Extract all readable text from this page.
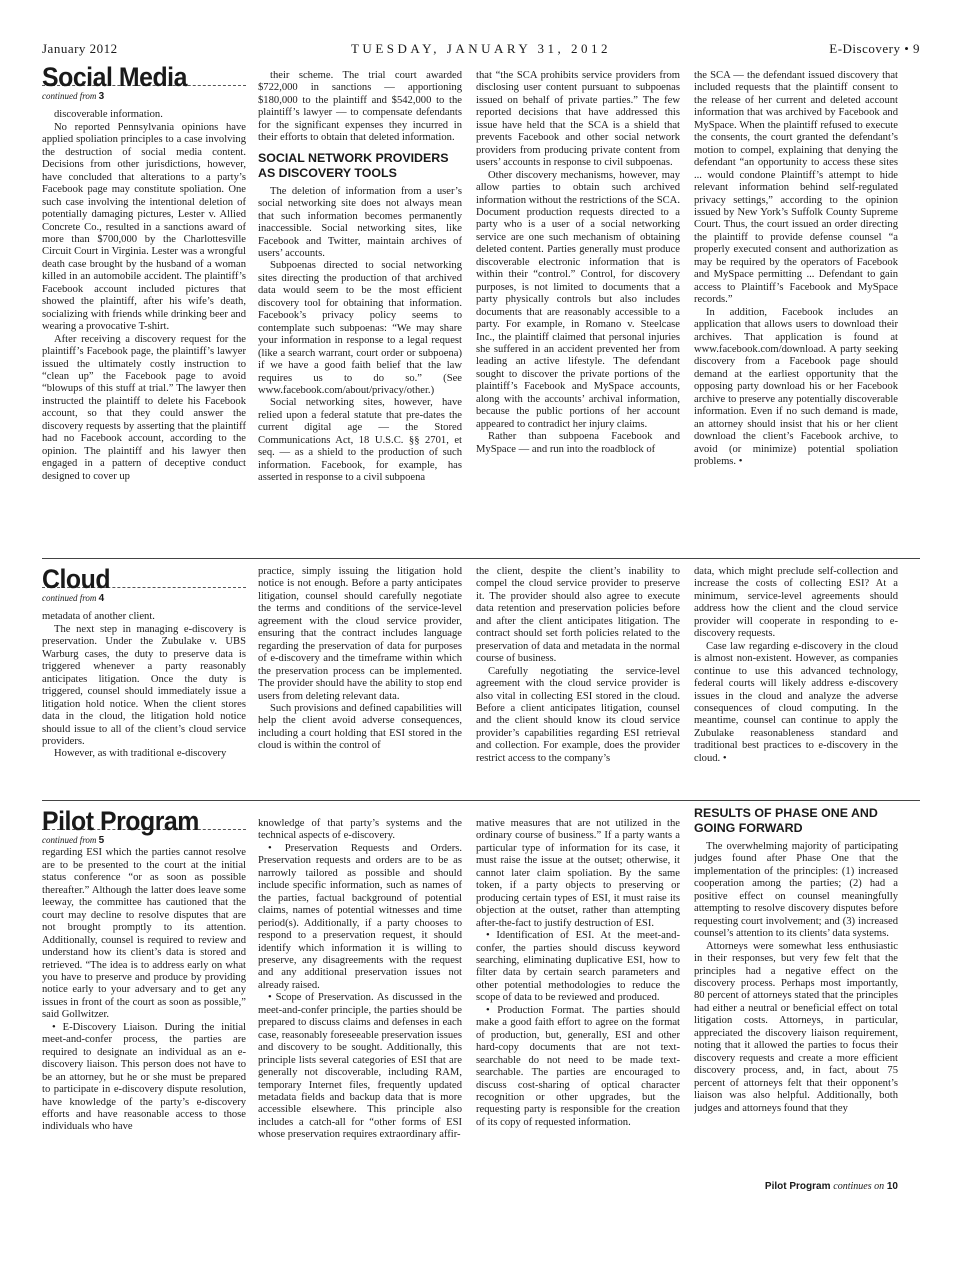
January 2012	TUESDAY, JANUARY 31, 2012	E-Discovery • 9
Social Media
continued from 3

discoverable information.

No reported Pennsylvania opinions have applied spoliation principles to a case involving the destruction of social media content. Decisions from other jurisdictions, however, have concluded that alterations to a party’s Facebook page may constitute spoliation. One such case involving the intentional deletion of potentially damaging pictures, Lester v. Allied Concrete Co., resulted in a sanctions award of more than $700,000 by the Charlottesville Circuit Court in Virginia. Lester was a wrongful death case brought by the husband of a woman killed in an automobile accident. The plaintiff’s Facebook account included pictures that showed the plaintiff, after his wife’s death, socializing with friends while drinking beer and wearing a provocative T-shirt.

After receiving a discovery request for the plaintiff’s Facebook page, the plaintiff’s lawyer issued the ultimately costly instruction to “clean up” the Facebook page to avoid “blowups of this stuff at trial.” The lawyer then instructed the plaintiff to delete his Facebook account, so that they could answer the discovery requests by asserting that the plaintiff had no Facebook account, according to the opinion. The plaintiff and his lawyer then engaged in a pattern of deceptive conduct designed to cover up

their scheme. The trial court awarded $722,000 in sanctions — apportioning $180,000 to the plaintiff and $542,000 to the plaintiff’s lawyer — to compensate defendants for the significant expenses they incurred in their efforts to obtain that deleted information.

SOCIAL NETWORK PROVIDERS AS DISCOVERY TOOLS

The deletion of information from a user’s social networking site does not always mean that such information becomes permanently inaccessible. Social networking sites, like Facebook and Twitter, maintain archives of users’ accounts.

Subpoenas directed to social networking sites directing the production of that archived data would seem to be the most efficient discovery tool for obtaining that information. Facebook’s privacy policy seems to contemplate such subpoenas: “We may share your information in response to a legal request (like a search warrant, court order or subpoena) if we have a good faith belief that the law requires us to do so.” (See www.facebook.com/about/privacy/other.)

Social networking sites, however, have relied upon a federal statute that pre-dates the current digital age — the Stored Communications Act, 18 U.S.C. §§ 2701, et seq. — as a shield to the production of such information. Facebook, for example, has asserted in response to a civil subpoena

that “the SCA prohibits service providers from disclosing user content pursuant to subpoenas issued on behalf of private parties.” The few reported decisions that have addressed this issue have held that the SCA is a shield that prevents Facebook and other social network providers from producing private content from users’ accounts in response to civil subpoenas.

Other discovery mechanisms, however, may allow parties to obtain such archived information without the restrictions of the SCA. Document production requests directed to a party who is a user of a social networking service are one such mechanism of obtaining deleted content. Parties generally must produce discoverable electronic information that is within their “control.” Control, for discovery purposes, is not limited to documents that a party physically controls but also includes documents that are reasonably accessible to a party. For example, in Romano v. Steelcase Inc., the plaintiff claimed that personal injuries she suffered in an accident prevented her from leading an active lifestyle. The defendant sought to discover the private portions of the plaintiff’s Facebook and MySpace accounts, along with the accounts’ archival information, because the public portions of her account appeared to contradict her injury claims.

Rather than subpoena Facebook and MySpace — and run into the roadblock of

the SCA — the defendant issued discovery that included requests that the plaintiff consent to the release of her current and deleted account information that was archived by Facebook and MySpace. When the plaintiff refused to execute the consents, the court granted the defendant’s motion to compel, explaining that denying the defendant “an opportunity to access these sites ... would condone Plaintiff’s attempt to hide relevant information behind self-regulated privacy settings,” according to the opinion issued by New York’s Suffolk County Supreme Court. Thus, the court issued an order directing the plaintiff to provide defense counsel “a properly executed consent and authorization as may be required by the operators of Facebook and MySpace permitting ... Defendant to gain access to Plaintiff’s Facebook and MySpace records.”

In addition, Facebook includes an application that allows users to download their archives. That application is found at www.facebook.com/download. A party seeking discovery from a Facebook page should demand at the earliest opportunity that the opposing party download his or her Facebook archive to preserve any potentially discoverable information. Even if no such demand is made, an attorney should insist that his or her client download the client’s Facebook archive, to avoid (or minimize) potential spoliation problems. •

Cloud
continued from 4

metadata of another client.

The next step in managing e-discovery is preservation. Under the Zubulake v. UBS Warburg cases, the duty to preserve data is triggered whenever a party reasonably anticipates litigation. Once the duty is triggered, counsel should immediately issue a litigation hold notice. When the client stores data in the cloud, the litigation hold notice should issue to all of the client’s cloud service providers.

However, as with traditional e-discovery

practice, simply issuing the litigation hold notice is not enough. Before a party anticipates litigation, counsel should carefully negotiate the terms and conditions of the service-level agreement with the cloud service provider, ensuring that the contract includes language regarding the preservation of data for purposes of e-discovery and the timeframe within which the preservation process can be implemented. The provider should have the ability to stop end users from deleting relevant data.

Such provisions and defined capabilities will help the client avoid adverse consequences, including a court holding that ESI stored in the cloud is within the control of

the client, despite the client’s inability to compel the cloud service provider to preserve it. The provider should also agree to execute data retention and preservation policies before and after the client anticipates litigation. The contract should set forth policies related to the preservation of data and metadata in the normal course of business.

Carefully negotiating the service-level agreement with the cloud service provider is also vital in collecting ESI stored in the cloud. Before a client anticipates litigation, counsel and the client should know its cloud service provider’s capabilities regarding ESI retrieval and collection. For example, does the provider restrict access to the company’s

data, which might preclude self-collection and increase the costs of collecting ESI? At a minimum, service-level agreements should address how the client and the cloud service provider will cooperate in responding to e-discovery requests.

Case law regarding e-discovery in the cloud is almost non-existent. However, as companies continue to use this advanced technology, federal courts will likely address e-discovery issues in the cloud and analyze the adverse consequences of cloud computing. In the meantime, counsel can continue to apply the Zubulake reasonableness standard and traditional best practices to e-discovery in the cloud. •

Pilot Program
continued from 5

regarding ESI which the parties cannot resolve are to be presented to the court at the initial status conference “or as soon as possible thereafter.” Although the latter does leave some leeway, the committee has cautioned that the court may decline to resolve disputes that are not brought promptly to its attention. Additionally, counsel is required to review and understand how its client’s data is stored and retrieved. “The idea is to address early on what you have to preserve and produce by providing notice early to your adversary and to get any issues in front of the court as soon as possible,” said Gollwitzer.

• E-Discovery Liaison. During the initial meet-and-confer process, the parties are required to designate an individual as an e-discovery liaison. This person does not have to be an attorney, but he or she must be prepared to participate in e-discovery dispute resolution, have knowledge of the party’s e-discovery efforts and have reasonable access to those individuals who have

knowledge of that party’s systems and the technical aspects of e-discovery.

• Preservation Requests and Orders. Preservation requests and orders are to be as narrowly tailored as possible and should include specific information, such as names of the parties, factual background of potential claims, names of potential witnesses and time period(s). Additionally, if a party chooses to respond to a preservation request, it should identify which information it is willing to preserve, any disagreements with the request and any additional preservation issues not already raised.

• Scope of Preservation. As discussed in the meet-and-confer principle, the parties should be prepared to discuss claims and defenses in each case, reasonably foreseeable preservation issues and discovery to be sought. Additionally, this principle lists several categories of ESI that are generally not discoverable, including RAM, temporary Internet files, frequently updated metadata fields and backup data that is more accessible elsewhere. This principle also includes a catch-all for “other forms of ESI whose preservation requires extraordinary affir-

mative measures that are not utilized in the ordinary course of business.” If a party wants a particular type of information for its case, it must raise the issue at the outset; otherwise, it cannot later claim spoliation. By the same token, if a party objects to preserving or producing certain types of ESI, it must raise its objection at the outset, rather than attempting after-the-fact to justify destruction of ESI.

• Identification of ESI. At the meet-and-confer, the parties should discuss keyword searching, eliminating duplicative ESI, how to filter data by certain search parameters and other potential methodologies to reduce the scope of data to be reviewed and produced.

• Production Format. The parties should make a good faith effort to agree on the format of production, but, generally, ESI and other hard-copy documents that are not text-searchable do not need to be made text-searchable. The parties are encouraged to discuss cost-sharing of optical character recognition or other upgrades, but the requesting party is responsible for the creation of its copy of requested information.

RESULTS OF PHASE ONE AND GOING FORWARD

The overwhelming majority of participating judges found after Phase One that the implementation of the principles: (1) increased cooperation among the parties; (2) had a positive effect on counsel meaningfully attempting to resolve discovery disputes before requesting court involvement; and (3) increased counsel’s attention to its clients’ data systems.

Attorneys were somewhat less enthusiastic in their responses, but very few felt that the principles had a negative effect on the discovery process. Perhaps most importantly, 80 percent of attorneys stated that the principles had either a neutral or beneficial effect on total litigation costs. Attorneys, in particular, appreciated the discovery liaison requirement, noting that it allowed the parties to focus their discovery requests and create a more efficient discovery process, and, in fact, about 75 percent of attorneys felt that their opponent’s liaison was also helpful. Additionally, both judges and attorneys found that they

Pilot Program continues on 10
